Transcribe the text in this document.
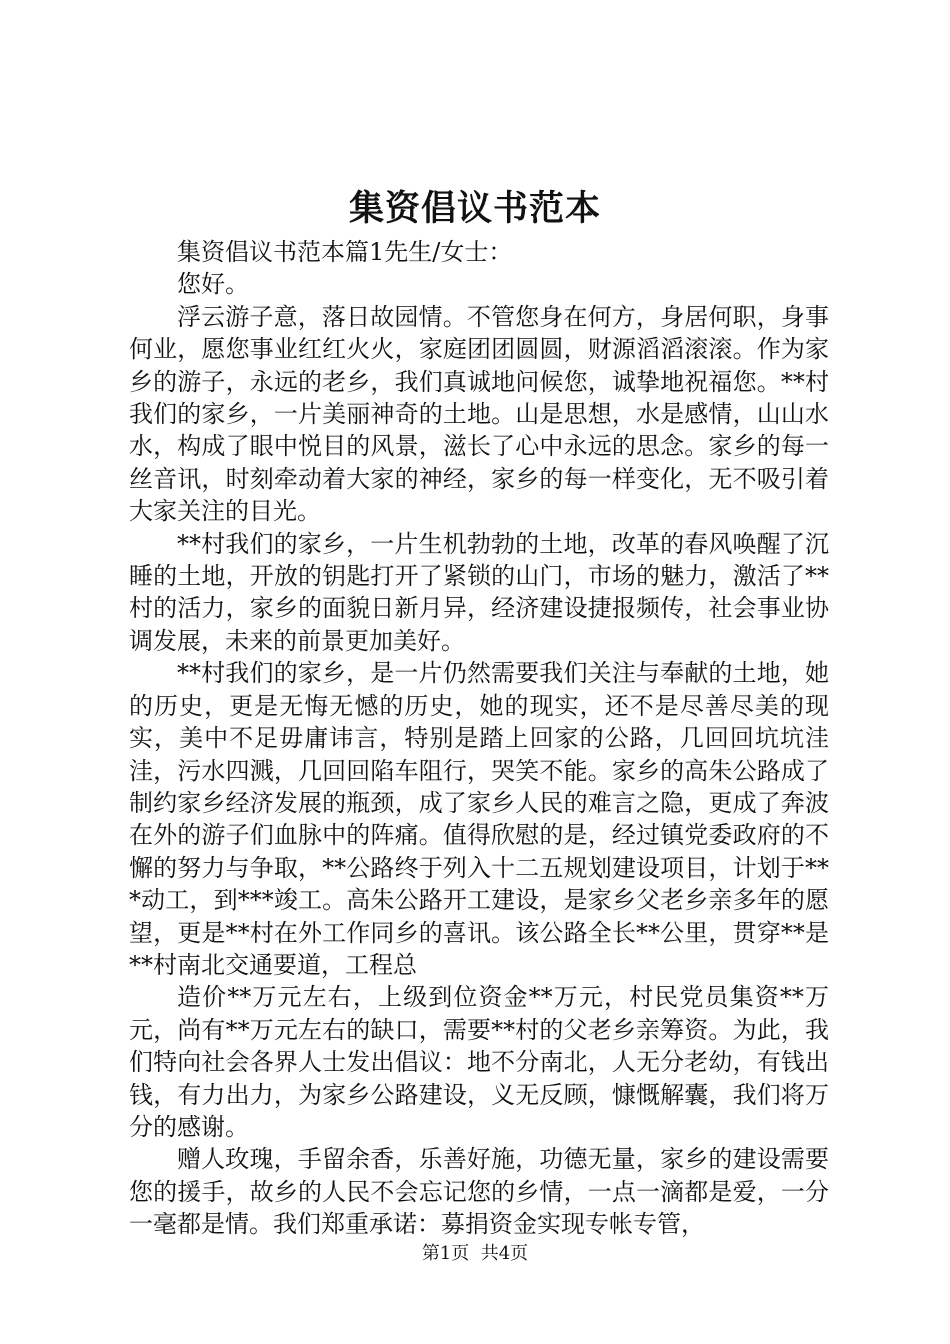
集资倡议书范本

集资倡议书范本篇1先生/女士：

您好。

浮云游子意，落日故园情。不管您身在何方，身居何职，身事何业，愿您事业红红火火，家庭团团圆圆，财源滔滔滚滚。作为家乡的游子，永远的老乡，我们真诚地问候您，诚挚地祝福您。**村我们的家乡，一片美丽神奇的土地。山是思想，水是感情，山山水水，构成了眼中悦目的风景，滋长了心中永远的思念。家乡的每一丝音讯，时刻牵动着大家的神经，家乡的每一样变化，无不吸引着大家关注的目光。

**村我们的家乡，一片生机勃勃的土地，改革的春风唤醒了沉睡的土地，开放的钥匙打开了紧锁的山门，市场的魅力，激活了**村的活力，家乡的面貌日新月异，经济建设捷报频传，社会事业协调发展，未来的前景更加美好。

**村我们的家乡，是一片仍然需要我们关注与奉献的土地，她的历史，更是无悔无憾的历史，她的现实，还不是尽善尽美的现实，美中不足毋庸讳言，特别是踏上回家的公路，几回回坑坑洼洼，污水四溅，几回回陷车阻行，哭笑不能。家乡的高朱公路成了制约家乡经济发展的瓶颈，成了家乡人民的难言之隐，更成了奔波在外的游子们血脉中的阵痛。值得欣慰的是，经过镇党委政府的不懈的努力与争取，**公路终于列入十二五规划建设项目，计划于***动工，到***竣工。高朱公路开工建设，是家乡父老乡亲多年的愿望，更是**村在外工作同乡的喜讯。该公路全长**公里，贯穿**是**村南北交通要道，工程总

造价**万元左右，上级到位资金**万元，村民党员集资**万元，尚有**万元左右的缺口，需要**村的父老乡亲筹资。为此，我们特向社会各界人士发出倡议：地不分南北，人无分老幼，有钱出钱，有力出力，为家乡公路建设，义无反顾，慷慨解囊，我们将万分的感谢。

赠人玫瑰，手留余香，乐善好施，功德无量，家乡的建设需要您的援手，故乡的人民不会忘记您的乡情，一点一滴都是爱，一分一毫都是情。我们郑重承诺：募捐资金实现专帐专管，

第1页  共4页
